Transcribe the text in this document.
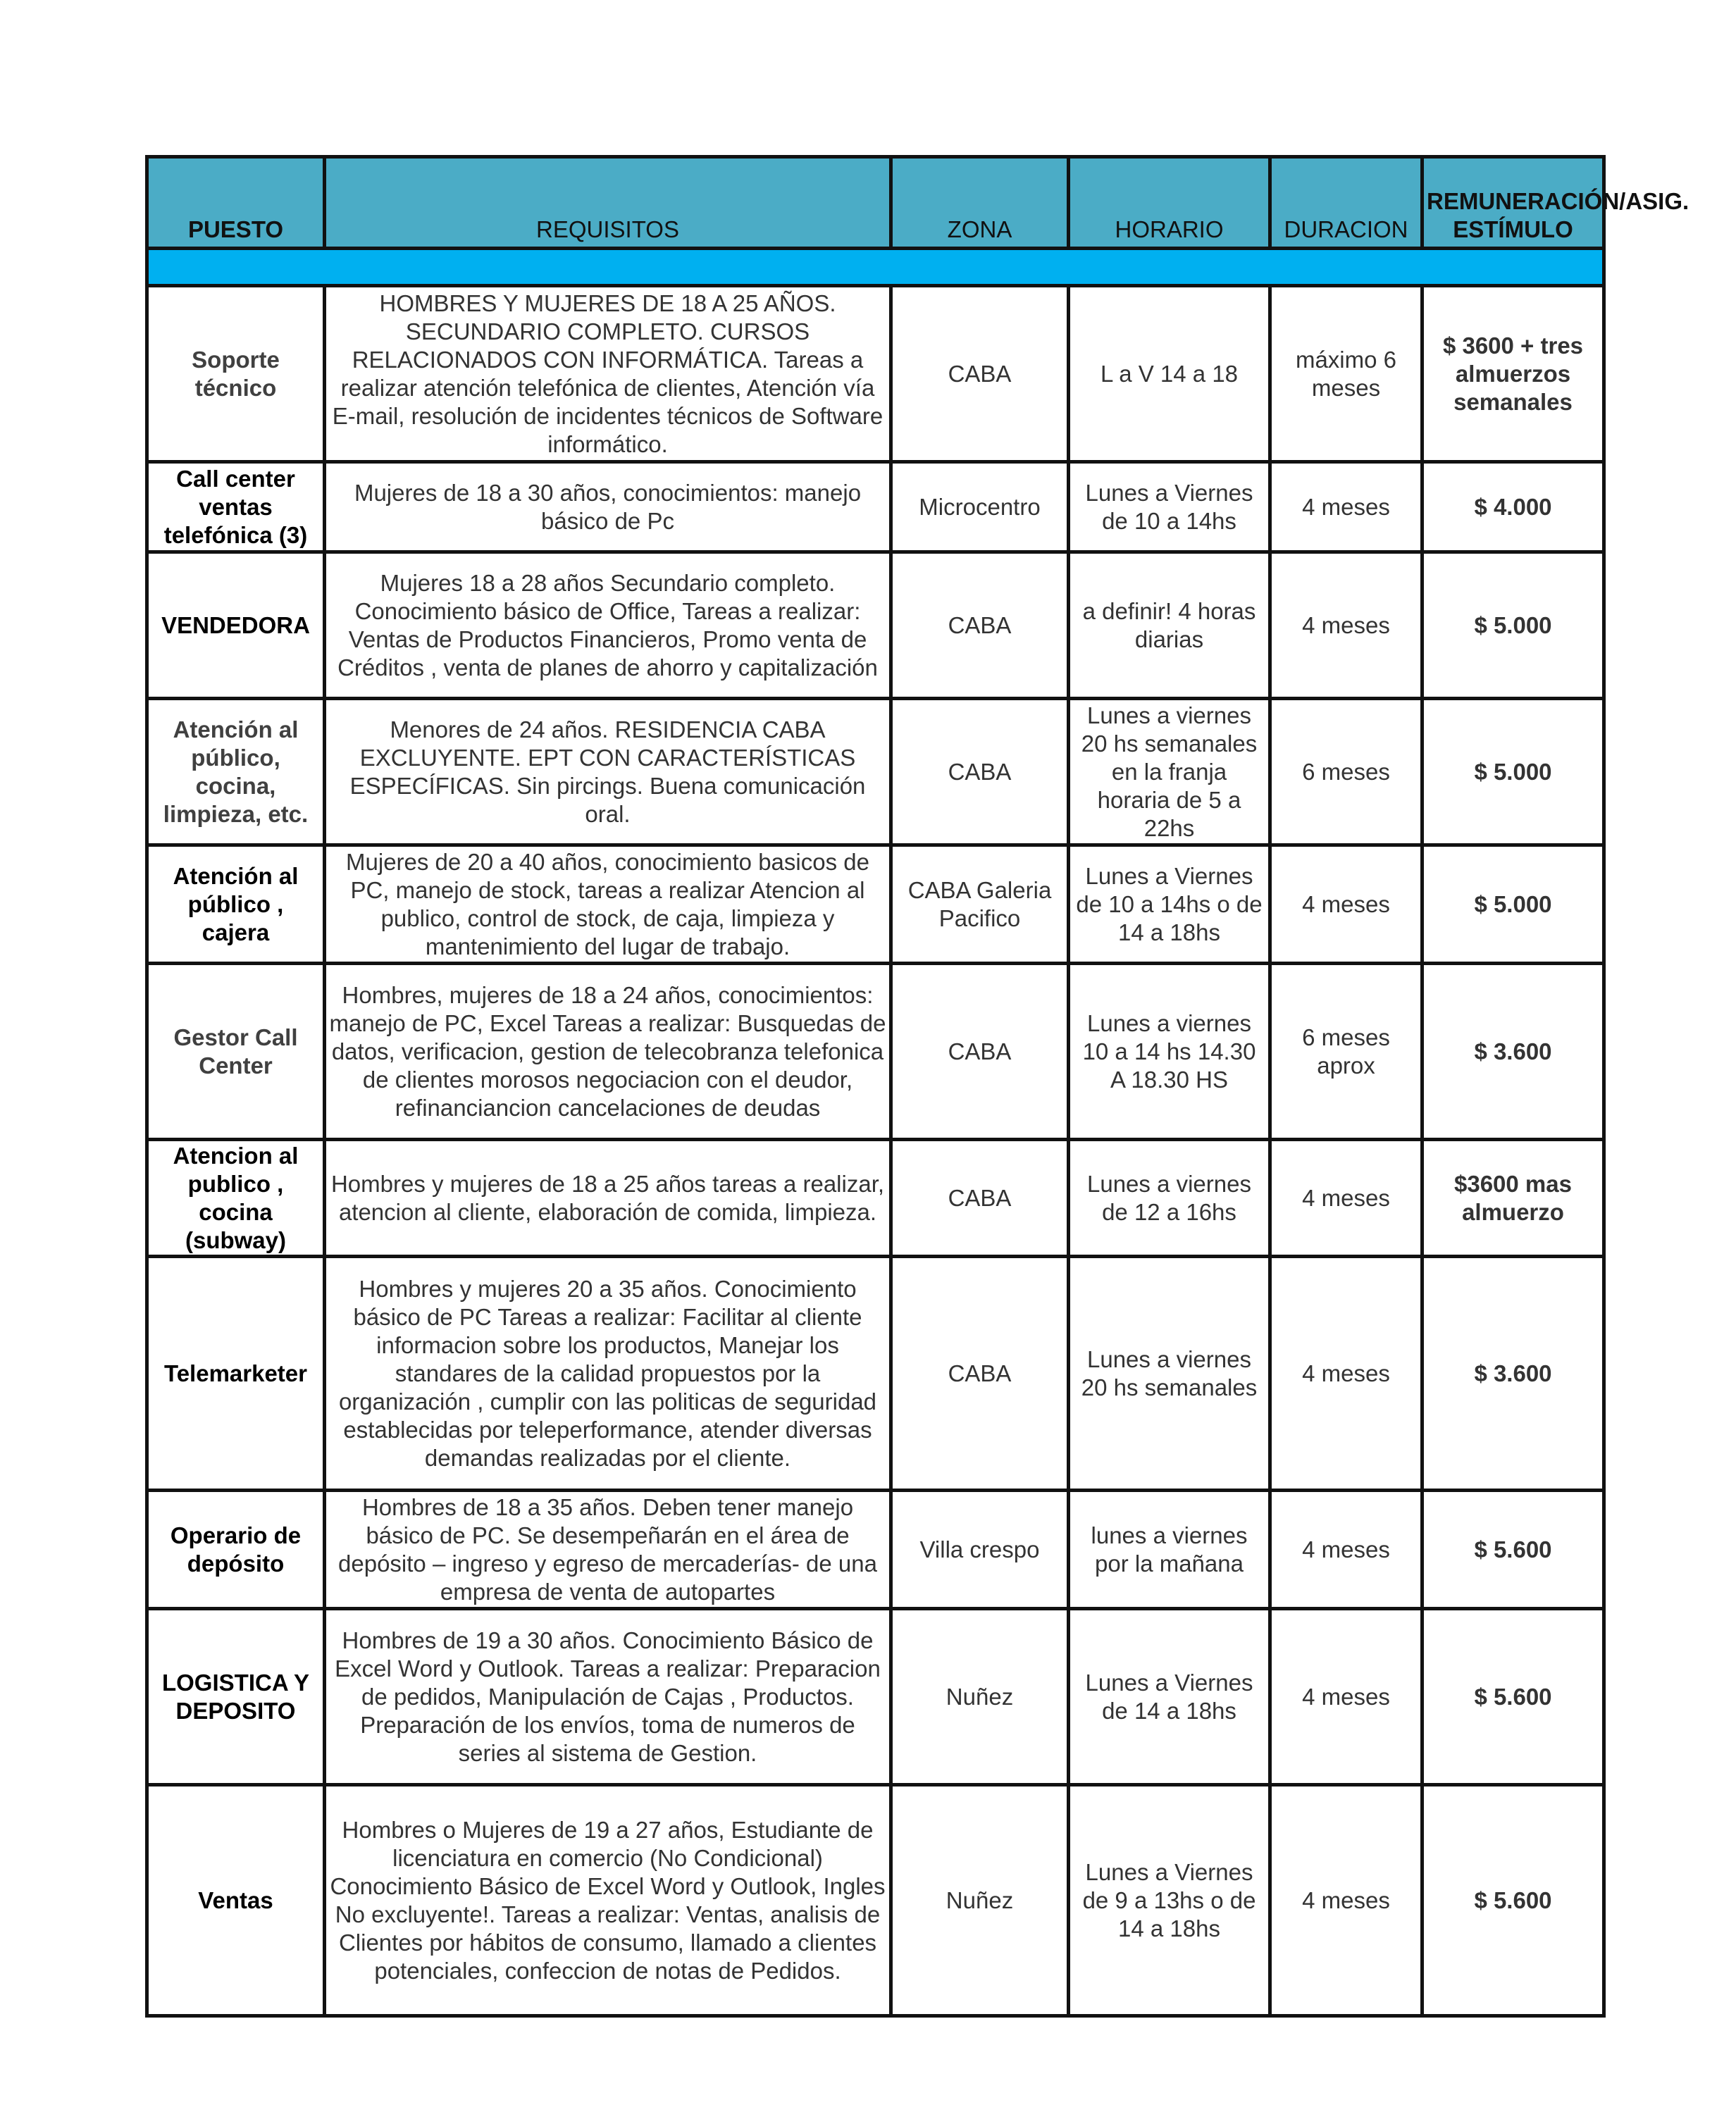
PUESTO	REQUISITOS	ZONA	HORARIO	DURACION	REMUNERACIÓN/ASIG. ESTÍMULO

Soporte técnico	HOMBRES Y MUJERES DE 18 A 25 AÑOS. SECUNDARIO COMPLETO. CURSOS RELACIONADOS CON INFORMÁTICA. Tareas a realizar atención telefónica de clientes, Atención vía E-mail, resolución de incidentes técnicos de Software informático.	CABA	L a V 14 a 18	máximo 6 meses	$ 3600 + tres almuerzos semanales
Call center ventas telefónica (3)	Mujeres de 18 a 30 años, conocimientos: manejo básico de Pc	Microcentro	Lunes a Viernes de 10 a 14hs	4 meses	$ 4.000
VENDEDORA	Mujeres 18 a 28 años Secundario completo. Conocimiento básico de Office, Tareas a realizar: Ventas de Productos Financieros, Promo venta de Créditos , venta de planes de ahorro y capitalización	CABA	a definir! 4 horas diarias	4 meses	$ 5.000
Atención al público, cocina, limpieza, etc.	Menores de 24 años. RESIDENCIA CABA EXCLUYENTE. EPT CON CARACTERÍSTICAS ESPECÍFICAS. Sin pircings. Buena comunicación oral.	CABA	Lunes a viernes 20 hs semanales en la franja horaria de 5 a 22hs	6 meses	$ 5.000
Atención al público , cajera	Mujeres de 20 a 40 años, conocimiento basicos de PC, manejo de stock, tareas a realizar Atencion al publico, control de stock, de caja, limpieza y mantenimiento del lugar de trabajo.	CABA Galeria Pacifico	Lunes a Viernes de 10 a 14hs o de 14 a 18hs	4 meses	$ 5.000
Gestor Call Center	Hombres, mujeres de 18 a 24 años, conocimientos: manejo de PC, Excel Tareas a realizar: Busquedas de datos, verificacion, gestion de telecobranza telefonica de clientes morosos negociacion con el deudor, refinanciancion cancelaciones de deudas	CABA	Lunes a viernes 10 a 14 hs 14.30 A 18.30 HS	6 meses aprox	$ 3.600
Atencion al publico , cocina (subway)	Hombres y mujeres de 18 a 25 años tareas a realizar, atencion al cliente, elaboración de comida, limpieza.	CABA	Lunes a viernes de 12 a 16hs	4 meses	$3600 mas almuerzo
Telemarketer	Hombres y mujeres 20 a 35 años. Conocimiento básico de PC Tareas a realizar: Facilitar al cliente informacion sobre los productos, Manejar los standares de la calidad propuestos por la organización , cumplir con las politicas de seguridad establecidas por teleperformance, atender diversas demandas realizadas por el cliente.	CABA	Lunes a viernes 20 hs semanales	4 meses	$ 3.600
Operario de depósito	Hombres de 18 a 35 años. Deben tener manejo básico de PC. Se desempeñarán en el área de depósito – ingreso y egreso de mercaderías- de una empresa de venta de autopartes	Villa crespo	lunes a viernes por la mañana	4 meses	$ 5.600
LOGISTICA Y DEPOSITO	Hombres de 19 a 30 años. Conocimiento Básico de Excel Word y Outlook. Tareas a realizar: Preparacion de pedidos, Manipulación de Cajas , Productos. Preparación de los envíos, toma de numeros de series al sistema de Gestion.	Nuñez	Lunes a Viernes de 14 a 18hs	4 meses	$ 5.600
Ventas	Hombres o Mujeres de 19 a 27 años, Estudiante de licenciatura en comercio (No Condicional) Conocimiento Básico de Excel Word y Outlook, Ingles No excluyente!. Tareas a realizar: Ventas, analisis de Clientes por hábitos de consumo, llamado a clientes potenciales, confeccion de notas de Pedidos.	Nuñez	Lunes a Viernes de 9 a 13hs o de 14 a 18hs	4 meses	$ 5.600
